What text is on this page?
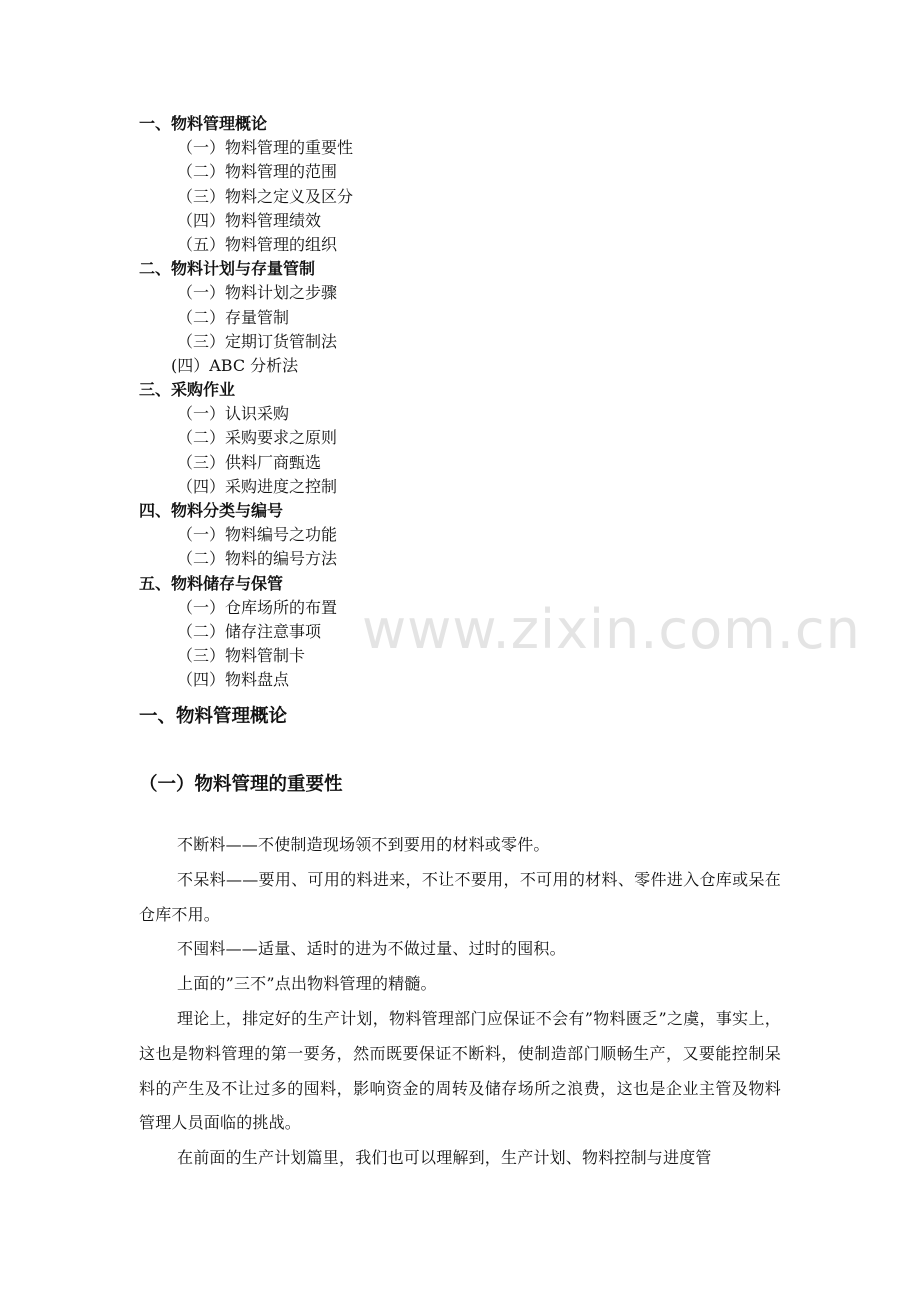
一、物料管理概论
（一）物料管理的重要性
（二）物料管理的范围
（三）物料之定义及区分
（四）物料管理绩效
（五）物料管理的组织
二、物料计划与存量管制
（一）物料计划之步骤
（二）存量管制
（三）定期订货管制法
(四）ABC 分析法
三、采购作业
（一）认识采购
（二）采购要求之原则
（三）供料厂商甄选
（四）采购进度之控制
四、物料分类与编号
（一）物料编号之功能
（二）物料的编号方法
五、物料储存与保管
（一）仓库场所的布置
（二）储存注意事项
（三）物料管制卡
（四）物料盘点
www.zixin.com.cn
一、物料管理概论
（一）物料管理的重要性

不断料——不使制造现场领不到要用的材料或零件。

不呆料——要用、可用的料进来，不让不要用，不可用的材料、零件进入仓库或呆在仓库不用。

不囤料——适量、适时的进为不做过量、过时的囤积。

上面的”三不”点出物料管理的精髓。

理论上，排定好的生产计划，物料管理部门应保证不会有”物料匮乏”之虞，事实上，这也是物料管理的第一要务，然而既要保证不断料，使制造部门顺畅生产，又要能控制呆料的产生及不让过多的囤料，影响资金的周转及储存场所之浪费，这也是企业主管及物料管理人员面临的挑战。

在前面的生产计划篇里，我们也可以理解到，生产计划、物料控制与进度管
